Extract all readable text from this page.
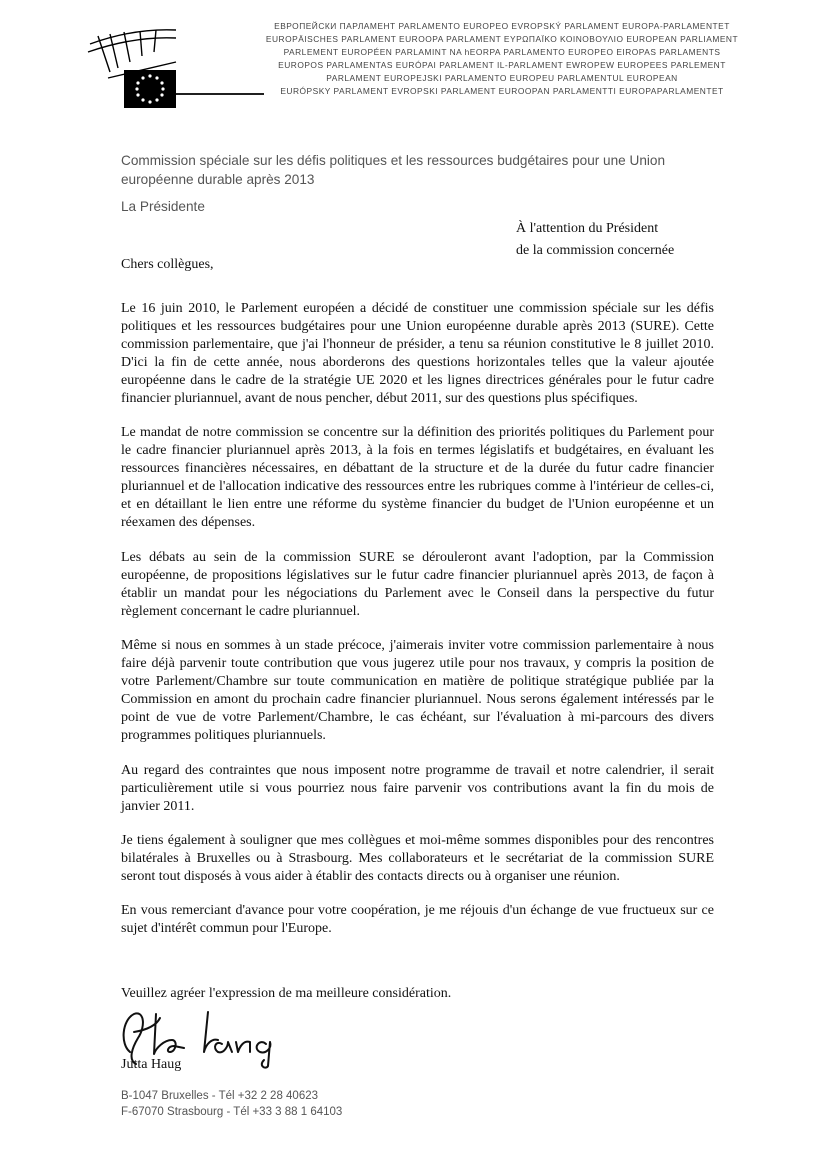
ЕВРОПЕЙСКИ ПАРЛАМЕНТ PARLAMENTO EUROPEO EVROPSKÝ PARLAMENT EUROPA-PARLAMENTET
EUROPÄISCHES PARLAMENT EUROOPA PARLAMENT ΕΥΡΩΠΑΪΚΟ ΚΟΙΝΟΒΟΥΛΙΟ EUROPEAN PARLIAMENT
PARLEMENT EUROPÉEN PARLAMINT NA hEORPA PARLAMENTO EUROPEO EIROPAS PARLAMENTS
EUROPOS PARLAMENTAS EURÓPAI PARLAMENT IL-PARLAMENT EWROPEW EUROPEES PARLEMENT
PARLAMENT EUROPEJSKI PARLAMENTO EUROPEU PARLAMENTUL EUROPEAN
EURÓPSKY PARLAMENT EVROPSKI PARLAMENT EUROOPAN PARLAMENTTI EUROPAPARLAMENTET
Commission spéciale sur les défis politiques et les ressources budgétaires pour une Union européenne durable après 2013
La Présidente
À l'attention du Président
de la commission concernée
Chers collègues,

Le 16 juin 2010, le Parlement européen a décidé de constituer une commission spéciale sur les défis politiques et les ressources budgétaires pour une Union européenne durable après 2013 (SURE). Cette commission parlementaire, que j'ai l'honneur de présider, a tenu sa réunion constitutive le 8 juillet 2010. D'ici la fin de cette année, nous aborderons des questions horizontales telles que la valeur ajoutée européenne dans le cadre de la stratégie UE 2020 et les lignes directrices générales pour le futur cadre financier pluriannuel, avant de nous pencher, début 2011, sur des questions plus spécifiques.

Le mandat de notre commission se concentre sur la définition des priorités politiques du Parlement pour le cadre financier pluriannuel après 2013, à la fois en termes législatifs et budgétaires, en évaluant les ressources financières nécessaires, en débattant de la structure et de la durée du futur cadre financier pluriannuel et de l'allocation indicative des ressources entre les rubriques comme à l'intérieur de celles-ci, et en détaillant le lien entre une réforme du système financier du budget de l'Union européenne et un réexamen des dépenses.

Les débats au sein de la commission SURE se dérouleront avant l'adoption, par la Commission européenne, de propositions législatives sur le futur cadre financier pluriannuel après 2013, de façon à établir un mandat pour les négociations du Parlement avec le Conseil dans la perspective du futur règlement concernant le cadre pluriannuel.

Même si nous en sommes à un stade précoce, j'aimerais inviter votre commission parlementaire à nous faire déjà parvenir toute contribution que vous jugerez utile pour nos travaux, y compris la position de votre Parlement/Chambre sur toute communication en matière de politique stratégique publiée par la Commission en amont du prochain cadre financier pluriannuel. Nous serons également intéressés par le point de vue de votre Parlement/Chambre, le cas échéant, sur l'évaluation à mi-parcours des divers programmes politiques pluriannuels.

Au regard des contraintes que nous imposent notre programme de travail et notre calendrier, il serait particulièrement utile si vous pourriez nous faire parvenir vos contributions avant la fin du mois de janvier 2011.

Je tiens également à souligner que mes collègues et moi-même sommes disponibles pour des rencontres bilatérales à Bruxelles ou à Strasbourg. Mes collaborateurs et le secrétariat de la commission SURE seront tout disposés à vous aider à établir des contacts directs ou à organiser une réunion.

En vous remerciant d'avance pour votre coopération, je me réjouis d'un échange de vue fructueux sur ce sujet d'intérêt commun pour l'Europe.

Veuillez agréer l'expression de ma meilleure considération.
Jutta Haug
B-1047 Bruxelles - Tél +32 2 28 40623
F-67070 Strasbourg - Tél +33 3 88 1 64103
